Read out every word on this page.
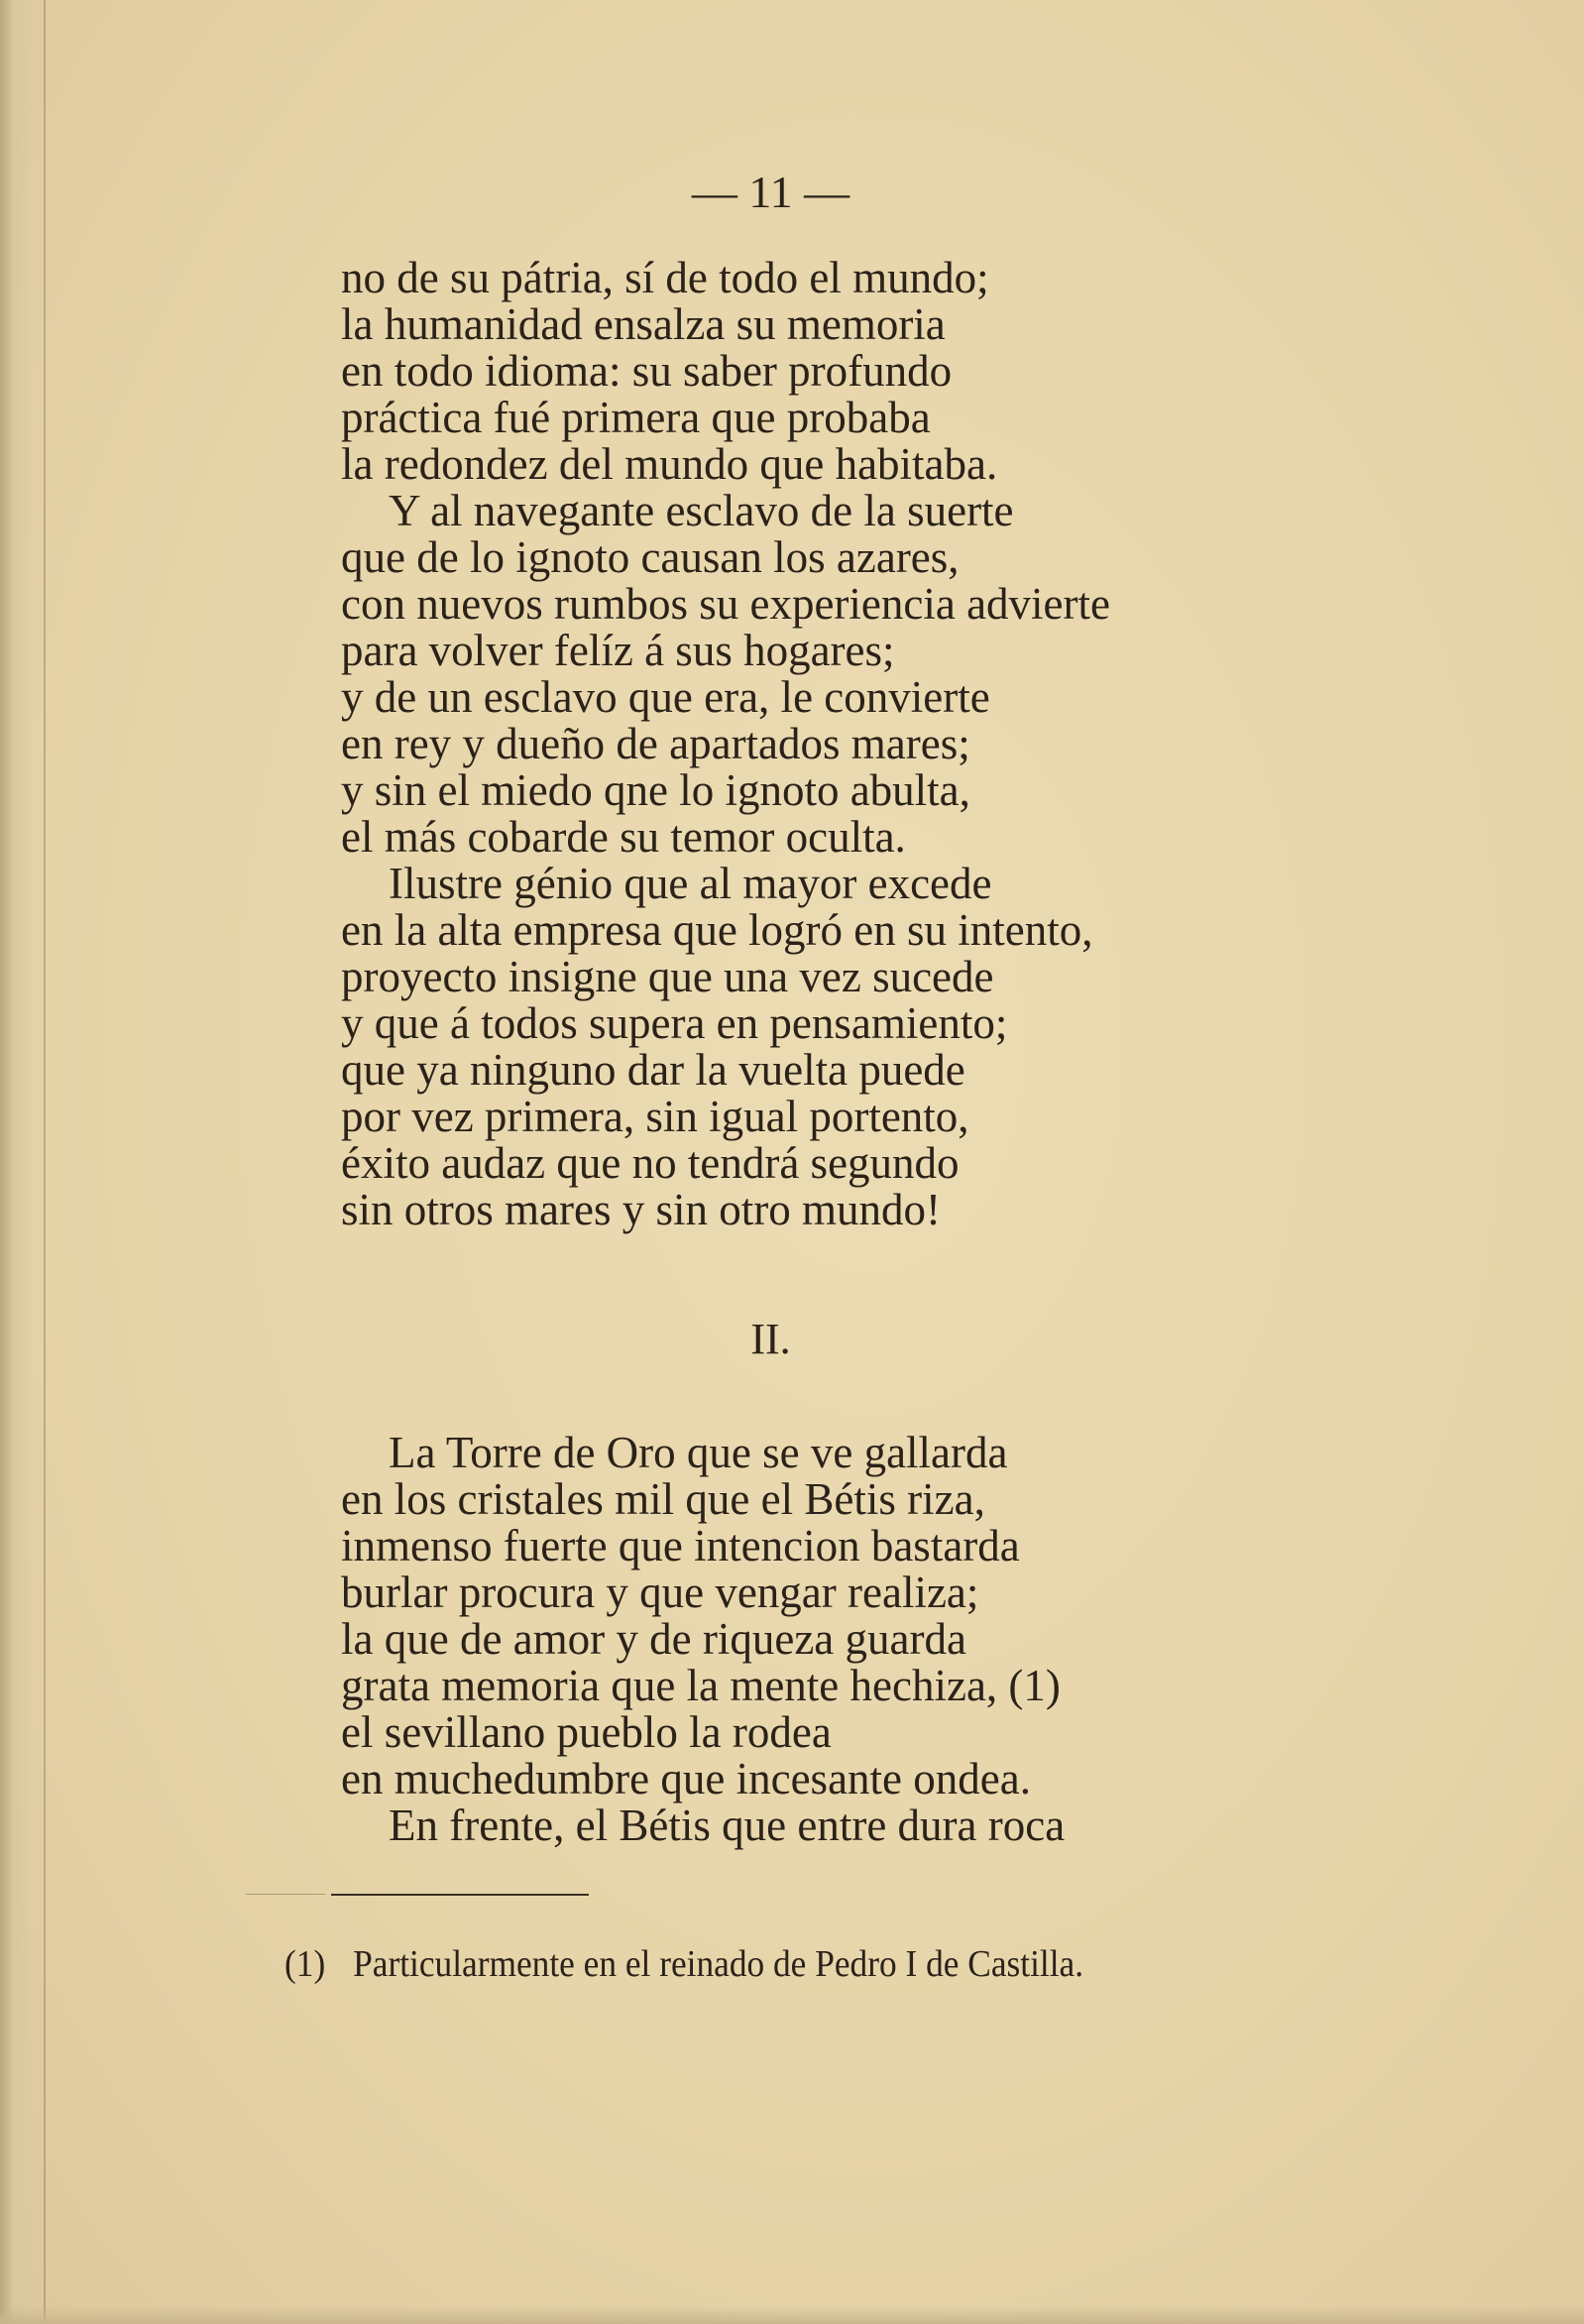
— 11 —
no de su pátria, sí de todo el mundo;
la humanidad ensalza su memoria
en todo idioma: su saber profundo
práctica fué primera que probaba
la redondez del mundo que habitaba.
Y al navegante esclavo de la suerte
que de lo ignoto causan los azares,
con nuevos rumbos su experiencia advierte
para volver felíz á sus hogares;
y de un esclavo que era, le convierte
en rey y dueño de apartados mares;
y sin el miedo qne lo ignoto abulta,
el más cobarde su temor oculta.
Ilustre génio que al mayor excede
en la alta empresa que logró en su intento,
proyecto insigne que una vez sucede
y que á todos supera en pensamiento;
que ya ninguno dar la vuelta puede
por vez primera, sin igual portento,
éxito audaz que no tendrá segundo
sin otros mares y sin otro mundo!
II.
La Torre de Oro que se ve gallarda
en los cristales mil que el Bétis riza,
inmenso fuerte que intencion bastarda
burlar procura y que vengar realiza;
la que de amor y de riqueza guarda
grata memoria que la mente hechiza, (1)
el sevillano pueblo la rodea
en muchedumbre que incesante ondea.
En frente, el Bétis que entre dura roca
(1) Particularmente en el reinado de Pedro I de Castilla.
